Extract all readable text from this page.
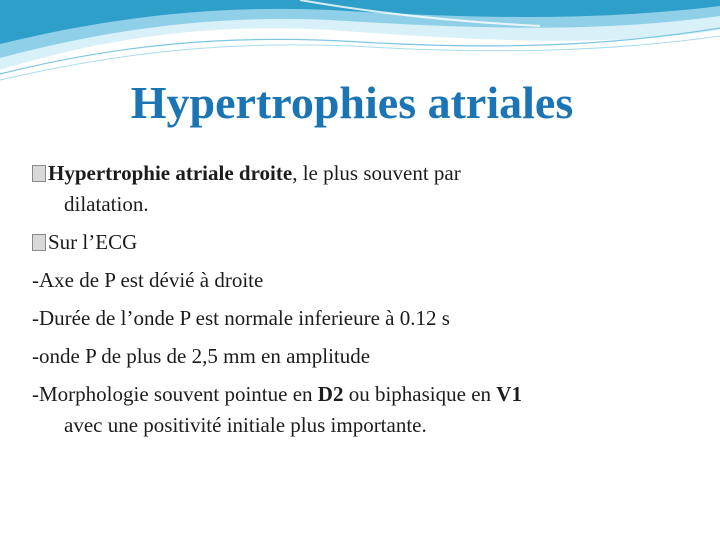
Hypertrophies atriales
Hypertrophie atriale droite, le plus souvent par
dilatation.
Sur l’ECG
-Axe de P est dévié à droite
-Durée de l’onde P est normale inferieure à 0.12 s
-onde P de plus de 2,5 mm en amplitude
-Morphologie souvent pointue en D2 ou biphasique en V1
avec une positivité initiale plus importante.
